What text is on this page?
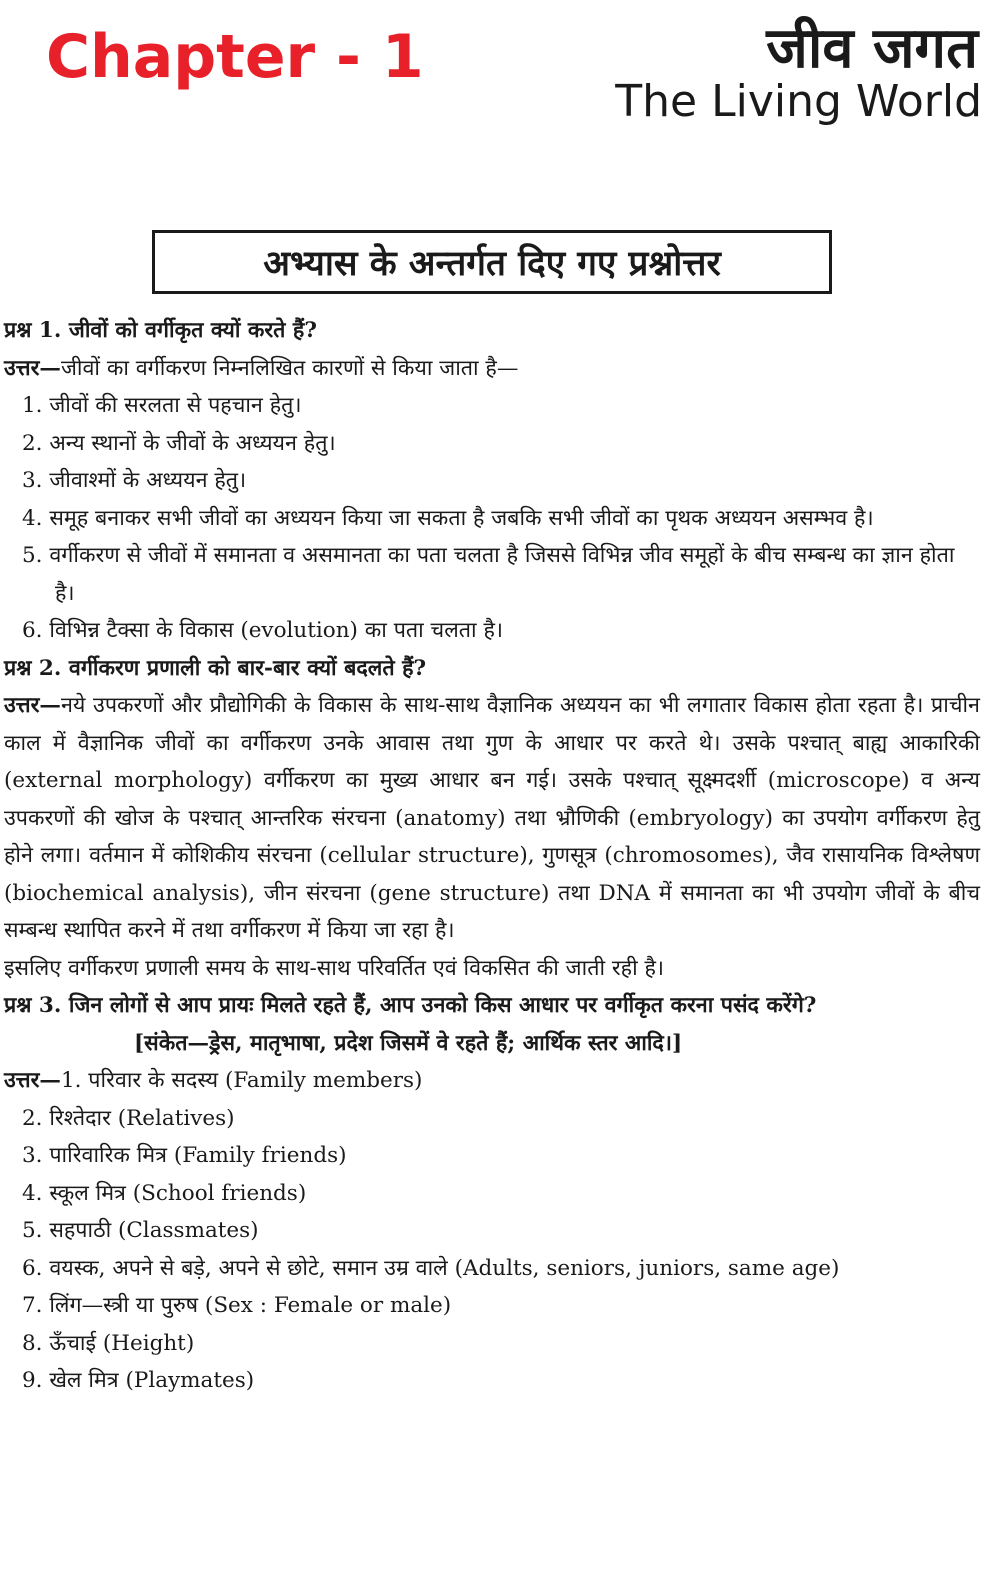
Chapter - 1	जीव जगत
The Living World
अभ्यास के अन्तर्गत दिए गए प्रश्नोत्तर

प्रश्न 1. जीवों को वर्गीकृत क्यों करते हैं?

उत्तर—जीवों का वर्गीकरण निम्नलिखित कारणों से किया जाता है—

1. जीवों की सरलता से पहचान हेतु।

2. अन्य स्थानों के जीवों के अध्ययन हेतु।

3. जीवाश्मों के अध्ययन हेतु।

4. समूह बनाकर सभी जीवों का अध्ययन किया जा सकता है जबकि सभी जीवों का पृथक अध्ययन असम्भव है।

5. वर्गीकरण से जीवों में समानता व असमानता का पता चलता है जिससे विभिन्न जीव समूहों के बीच सम्बन्ध का ज्ञान होता है।

6. विभिन्न टैक्सा के विकास (evolution) का पता चलता है।

प्रश्न 2. वर्गीकरण प्रणाली को बार-बार क्यों बदलते हैं?

उत्तर—नये उपकरणों और प्रौद्योगिकी के विकास के साथ-साथ वैज्ञानिक अध्ययन का भी लगातार विकास होता रहता है। प्राचीन काल में वैज्ञानिक जीवों का वर्गीकरण उनके आवास तथा गुण के आधार पर करते थे। उसके पश्चात् बाह्य आकारिकी (external morphology) वर्गीकरण का मुख्य आधार बन गई। उसके पश्चात् सूक्ष्मदर्शी (microscope) व अन्य उपकरणों की खोज के पश्चात् आन्तरिक संरचना (anatomy) तथा भ्रौणिकी (embryology) का उपयोग वर्गीकरण हेतु होने लगा। वर्तमान में कोशिकीय संरचना (cellular structure), गुणसूत्र (chromosomes), जैव रासायनिक विश्लेषण (biochemical analysis), जीन संरचना (gene structure) तथा DNA में समानता का भी उपयोग जीवों के बीच सम्बन्ध स्थापित करने में तथा वर्गीकरण में किया जा रहा है।

इसलिए वर्गीकरण प्रणाली समय के साथ-साथ परिवर्तित एवं विकसित की जाती रही है।

प्रश्न 3. जिन लोगों से आप प्रायः मिलते रहते हैं, आप उनको किस आधार पर वर्गीकृत करना पसंद करेंगे?

[संकेत—ड्रेस, मातृभाषा, प्रदेश जिसमें वे रहते हैं; आर्थिक स्तर आदि।]

उत्तर—1. परिवार के सदस्य (Family members)

2. रिश्तेदार (Relatives)

3. पारिवारिक मित्र (Family friends)

4. स्कूल मित्र (School friends)

5. सहपाठी (Classmates)

6. वयस्क, अपने से बड़े, अपने से छोटे, समान उम्र वाले (Adults, seniors, juniors, same age)

7. लिंग—स्त्री या पुरुष (Sex : Female or male)

8. ऊँचाई (Height)

9. खेल मित्र (Playmates)
